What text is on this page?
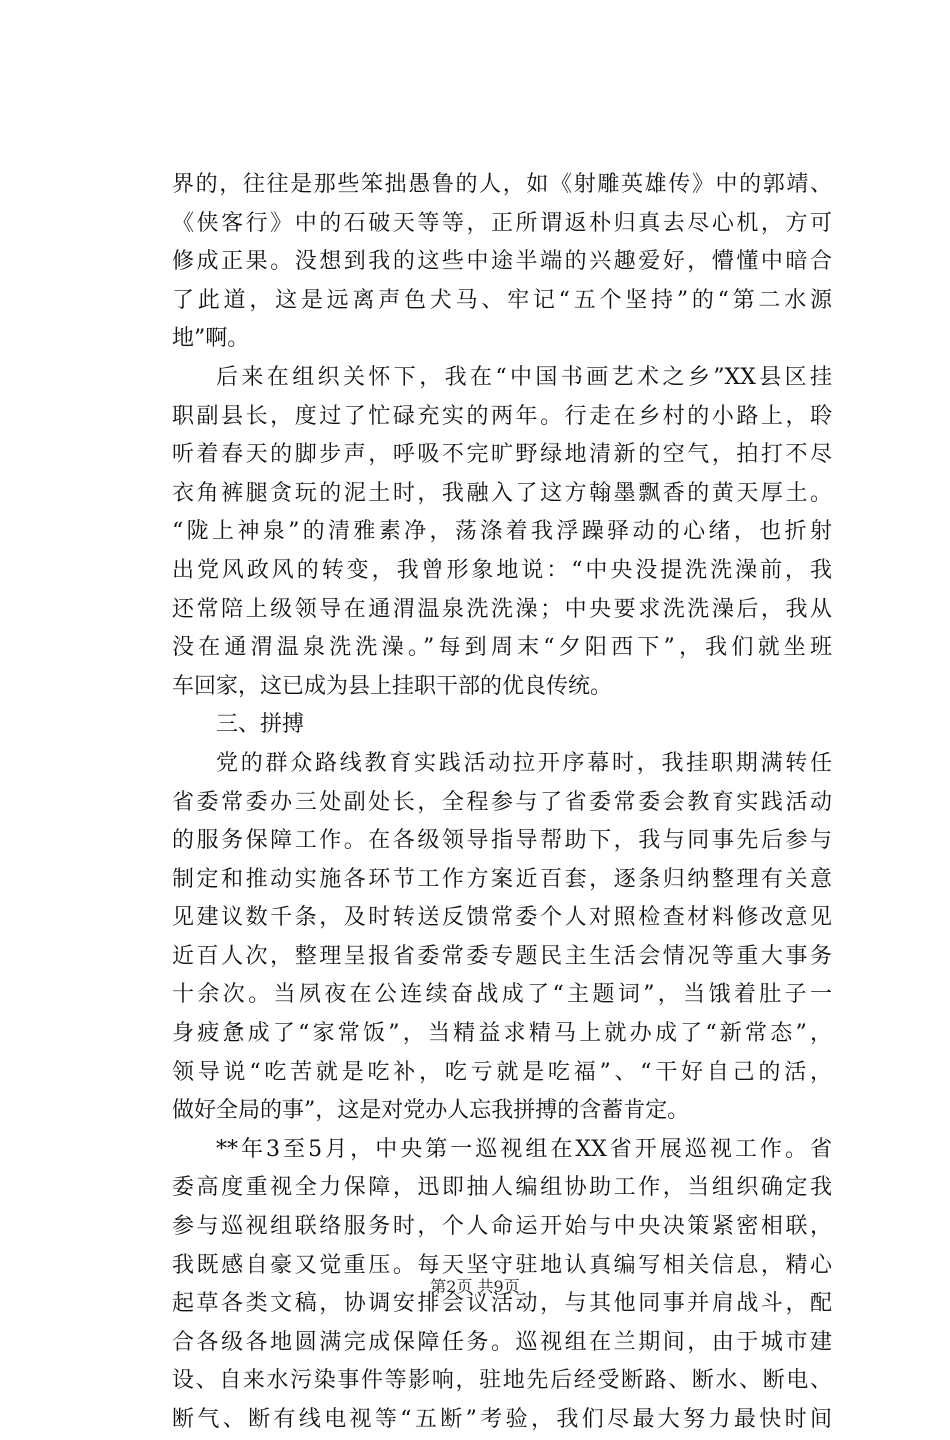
界的，往往是那些笨拙愚鲁的人，如《射雕英雄传》中的郭靖、
《侠客行》中的石破天等等，正所谓返朴归真去尽心机，方可
修成正果。没想到我的这些中途半端的兴趣爱好，懵懂中暗合
了此道，这是远离声色犬马、牢记“五个坚持”的“第二水源
地”啊。
后来在组织关怀下，我在“中国书画艺术之乡”XX县区挂
职副县长，度过了忙碌充实的两年。行走在乡村的小路上，聆
听着春天的脚步声，呼吸不完旷野绿地清新的空气，拍打不尽
衣角裤腿贪玩的泥土时，我融入了这方翰墨飘香的黄天厚土。
“陇上神泉”的清雅素净，荡涤着我浮躁驿动的心绪，也折射
出党风政风的转变，我曾形象地说：“中央没提洗洗澡前，我
还常陪上级领导在通渭温泉洗洗澡；中央要求洗洗澡后，我从
没在通渭温泉洗洗澡。”每到周末“夕阳西下”，我们就坐班
车回家，这已成为县上挂职干部的优良传统。
三、拼搏
党的群众路线教育实践活动拉开序幕时，我挂职期满转任
省委常委办三处副处长，全程参与了省委常委会教育实践活动
的服务保障工作。在各级领导指导帮助下，我与同事先后参与
制定和推动实施各环节工作方案近百套，逐条归纳整理有关意
见建议数千条，及时转送反馈常委个人对照检查材料修改意见
近百人次，整理呈报省委常委专题民主生活会情况等重大事务
十余次。当夙夜在公连续奋战成了“主题词”，当饿着肚子一
身疲惫成了“家常饭”，当精益求精马上就办成了“新常态”，
领导说“吃苦就是吃补，吃亏就是吃福”、“干好自己的活，
做好全局的事”，这是对党办人忘我拼搏的含蓄肯定。
**年3至5月，中央第一巡视组在XX省开展巡视工作。省
委高度重视全力保障，迅即抽人编组协助工作，当组织确定我
参与巡视组联络服务时，个人命运开始与中央决策紧密相联，
我既感自豪又觉重压。每天坚守驻地认真编写相关信息，精心
起草各类文稿，协调安排会议活动，与其他同事并肩战斗，配
合各级各地圆满完成保障任务。巡视组在兰期间，由于城市建
设、自来水污染事件等影响，驻地先后经受断路、断水、断电、
断气、断有线电视等“五断”考验，我们尽最大努力最快时间
第2页 共9页
